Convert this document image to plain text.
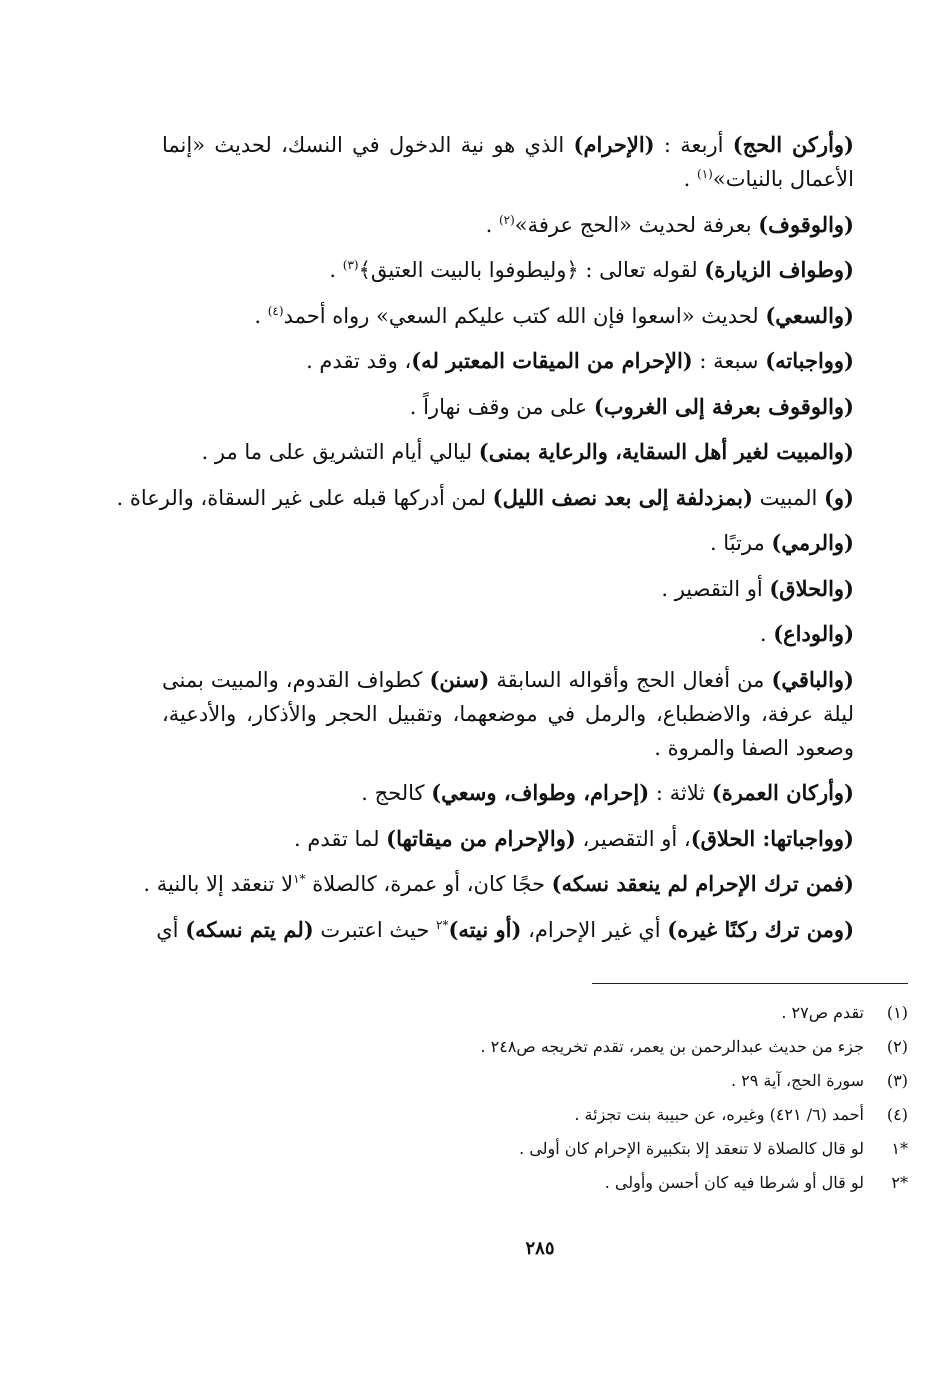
(وأركن الحج) أربعة : (الإحرام) الذي هو نية الدخول في النسك، لحديث «إنما الأعمال بالنيات»$^{(١)}$ .
(والوقوف) بعرفة لحديث «الحج عرفة»$^{(٢)}$ .
(وطواف الزيارة) لقوله تعالى : ﴿وليطوفوا بالبيت العتيق﴾$^{(٣)}$ .
(والسعي) لحديث «اسعوا فإن الله كتب عليكم السعي» رواه أحمد$^{(٤)}$ .
(وواجباته) سبعة : (الإحرام من الميقات المعتبر له)، وقد تقدم .
(والوقوف بعرفة إلى الغروب) على من وقف نهاراً .
(والمبيت لغير أهل السقاية، والرعاية بمنى) ليالي أيام التشريق على ما مر .
(و) المبيت (بمزدلفة إلى بعد نصف الليل) لمن أدركها قبله على غير السقاة، والرعاة .
(والرمي) مرتبًا .
(والحلاق) أو التقصير .
(والوداع) .
(والباقي) من أفعال الحج وأقواله السابقة (سنن) كطواف القدوم، والمبيت بمنى ليلة عرفة، والاضطباع، والرمل في موضعهما، وتقبيل الحجر والأذكار، والأدعية، وصعود الصفا والمروة .
(وأركان العمرة) ثلاثة : (إحرام، وطواف، وسعي) كالحج .
(وواجباتها: الحلاق)، أو التقصير، (والإحرام من ميقاتها) لما تقدم .
(فمن ترك الإحرام لم ينعقد نسكه) حجًا كان، أو عمرة، كالصلاة $^{*١}$لا تنعقد إلا بالنية .
(ومن ترك ركنًا غيره) أي غير الإحرام، (أو نيته)$^{*٢}$ حيث اعتبرت (لم يتم نسكه) أي
(١)
تقدم ص٢٧ .
(٢)
جزء من حديث عبدالرحمن بن يعمر، تقدم تخريجه ص٢٤٨ .
(٣)
سورة الحج، آية ٢٩ .
(٤)
أحمد (٦/ ٤٢١) وغيره، عن حبيبة بنت تجزئة .
*١
لو قال كالصلاة لا تنعقد إلا بتكبيرة الإحرام كان أولى .
*٢
لو قال أو شرطا فيه كان أحسن وأولى .
٢٨٥
